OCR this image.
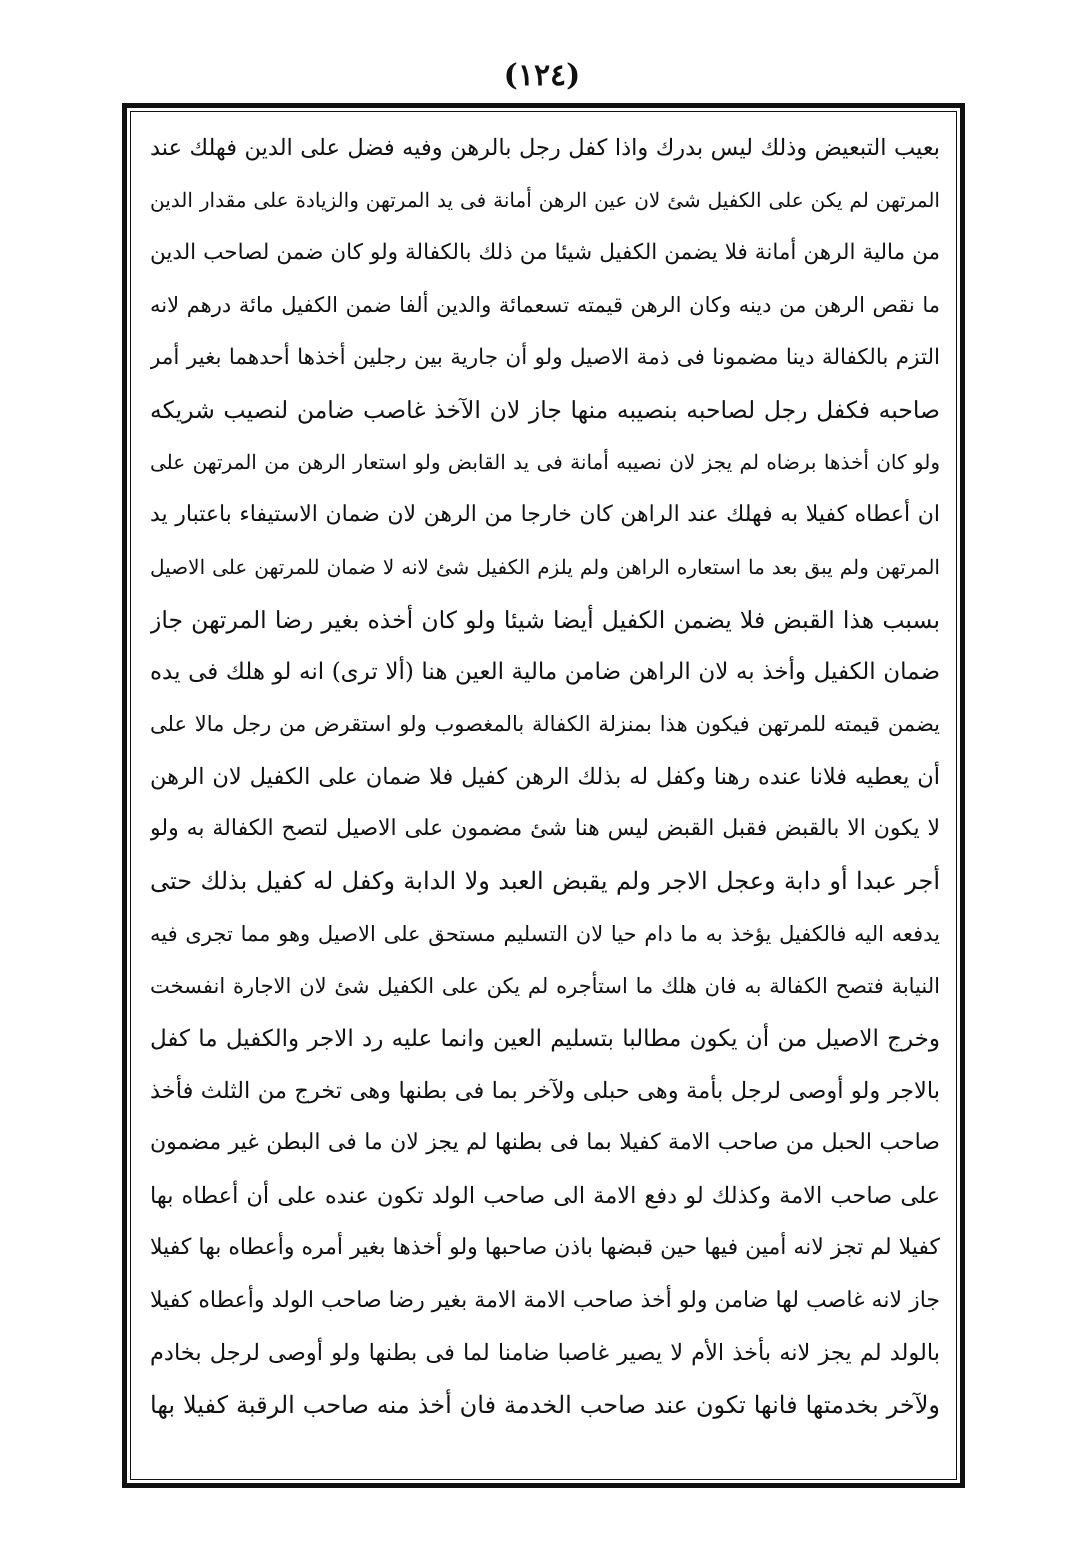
(١٢٤)
بعيب التبعيض وذلك ليس بدرك واذا كفل رجل بالرهن وفيه فضل على الدين فهلك عند
المرتهن لم يكن على الكفيل شئ لان عين الرهن أمانة فى يد المرتهن والزيادة على مقدار الدين
من مالية الرهن أمانة فلا يضمن الكفيل شيئا من ذلك بالكفالة ولو كان ضمن لصاحب الدين
ما نقص الرهن من دينه وكان الرهن قيمته تسعمائة والدين ألفا ضمن الكفيل مائة درهم لانه
التزم بالكفالة دينا مضمونا فى ذمة الاصيل ولو أن جارية بين رجلين أخذها أحدهما بغير أمر
صاحبه فكفل رجل لصاحبه بنصيبه منها جاز لان الآخذ غاصب ضامن لنصيب شريكه
ولو كان أخذها برضاه لم يجز لان نصيبه أمانة فى يد القابض ولو استعار الرهن من المرتهن على
ان أعطاه كفيلا به فهلك عند الراهن كان خارجا من الرهن لان ضمان الاستيفاء باعتبار يد
المرتهن ولم يبق بعد ما استعاره الراهن ولم يلزم الكفيل شئ لانه لا ضمان للمرتهن على الاصيل
بسبب هذا القبض فلا يضمن الكفيل أيضا شيئا ولو كان أخذه بغير رضا المرتهن جاز
ضمان الكفيل وأخذ به لان الراهن ضامن مالية العين هنا (ألا ترى) انه لو هلك فى يده
يضمن قيمته للمرتهن فيكون هذا بمنزلة الكفالة بالمغصوب ولو استقرض من رجل مالا على
أن يعطيه فلانا عنده رهنا وكفل له بذلك الرهن كفيل فلا ضمان على الكفيل لان الرهن
لا يكون الا بالقبض فقبل القبض ليس هنا شئ مضمون على الاصيل لتصح الكفالة به ولو
أجر عبدا أو دابة وعجل الاجر ولم يقبض العبد ولا الدابة وكفل له كفيل بذلك حتى
يدفعه اليه فالكفيل يؤخذ به ما دام حيا لان التسليم مستحق على الاصيل وهو مما تجرى فيه
النيابة فتصح الكفالة به فان هلك ما استأجره لم يكن على الكفيل شئ لان الاجارة انفسخت
وخرج الاصيل من أن يكون مطالبا بتسليم العين وانما عليه رد الاجر والكفيل ما كفل
بالاجر ولو أوصى لرجل بأمة وهى حبلى ولآخر بما فى بطنها وهى تخرج من الثلث فأخذ
صاحب الحبل من صاحب الامة كفيلا بما فى بطنها لم يجز لان ما فى البطن غير مضمون
على صاحب الامة وكذلك لو دفع الامة الى صاحب الولد تكون عنده على أن أعطاه بها
كفيلا لم تجز لانه أمين فيها حين قبضها باذن صاحبها ولو أخذها بغير أمره وأعطاه بها كفيلا
جاز لانه غاصب لها ضامن ولو أخذ صاحب الامة الامة بغير رضا صاحب الولد وأعطاه كفيلا
بالولد لم يجز لانه بأخذ الأم لا يصير غاصبا ضامنا لما فى بطنها ولو أوصى لرجل بخادم
ولآخر بخدمتها فانها تكون عند صاحب الخدمة فان أخذ منه صاحب الرقبة كفيلا بها
